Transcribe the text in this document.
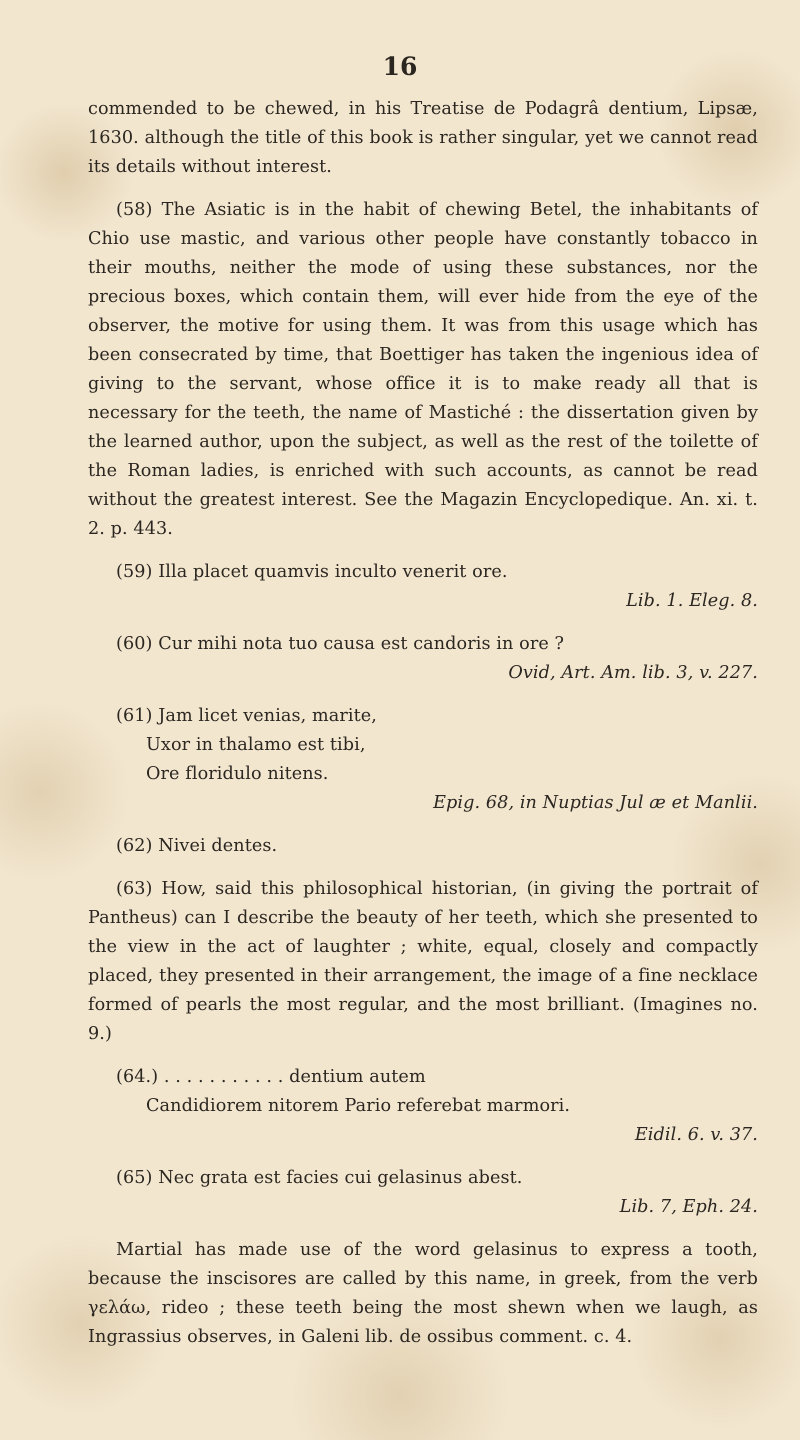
16

commended to be chewed, in his Treatise de Podagrâ dentium, Lipsæ, 1630. although the title of this book is rather singular, yet we cannot read its details without interest.

(58) The Asiatic is in the habit of chewing Betel, the inhabitants of Chio use mastic, and various other people have constantly tobacco in their mouths, neither the mode of using these substances, nor the precious boxes, which contain them, will ever hide from the eye of the observer, the motive for using them. It was from this usage which has been consecrated by time, that Boettiger has taken the ingenious idea of giving to the servant, whose office it is to make ready all that is necessary for the teeth, the name of Mastiché : the dissertation given by the learned author, upon the subject, as well as the rest of the toilette of the Roman ladies, is enriched with such accounts, as cannot be read without the greatest interest. See the Magazin Encyclopedique. An. xi. t. 2. p. 443.

(59) Illa placet quamvis inculto venerit ore.

Lib. 1. Eleg. 8.

(60) Cur mihi nota tuo causa est candoris in ore ?

Ovid, Art. Am. lib. 3, v. 227.

(61) Jam licet venias, marite,

Uxor in thalamo est tibi,

Ore floridulo nitens.

Epig. 68, in Nuptias Jul æ et Manlii.

(62) Nivei dentes.

(63) How, said this philosophical historian, (in giving the portrait of Pantheus) can I describe the beauty of her teeth, which she presented to the view in the act of laughter ; white, equal, closely and compactly placed, they presented in their arrangement, the image of a fine necklace formed of pearls the most regular, and the most brilliant. (Imagines no. 9.)

(64.) . . . . . . . . . . . dentium autem

Candidiorem nitorem Pario referebat marmori.

Eidil. 6. v. 37.

(65) Nec grata est facies cui gelasinus abest.

Lib. 7, Eph. 24.

Martial has made use of the word gelasinus to express a tooth, because the inscisores are called by this name, in greek, from the verb γελάω, rideo ; these teeth being the most shewn when we laugh, as Ingrassius observes, in Galeni lib. de ossibus comment. c. 4.
